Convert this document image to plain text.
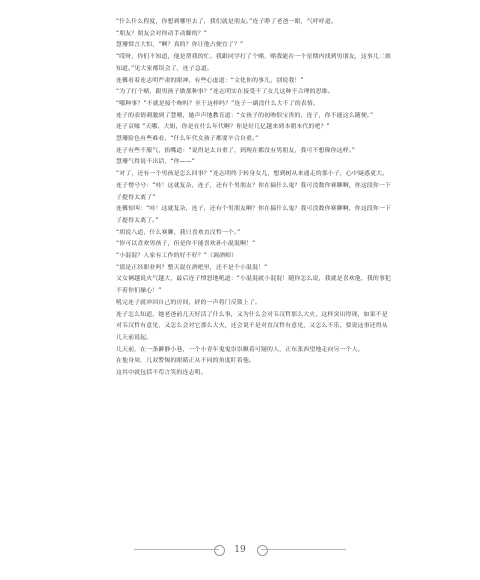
“什么什么程度，你想到哪里去了，我们就是朋友。”连子睁了老爸一眼，气呼呼道。

“朋友？朋友会对你动手动脚的？”

慧珊窝言大怕，“啊？真的？你让他占便宜了？”

“哎呀，你们不知道，他是帮我的忙。我跟同学打了个赌，赌我能在一个星期内找到男朋友，这事儿二姐知道。”见大家都误会了，连子急道。

连馨看着连志明严肃的眼神，有些心虚道：“文化你的事儿，别说我！”

“为了打个赌，跟男孩子做那种事？”连志明实在接受不了女儿这种不合理的思维。

“哪种事？”不就是接个吻吗？至于这样吗？”连子一副没什么大不了的表情。

连子的表情刺激到了慧珊，她声声地教育道：“女孩子的初吻很宝贵的，连子，你不能这么随便。”

连子哀嚎 “天哪，大姐，你是在什么年代啊？你是好几亿越来到本朝本代的吧？”

慧珊脸色有些难看，“什么年代女孩子都要辛合自重。”

连子有些不服气，掐嘴道：“说得是太自重了，到现在都没有男朋友，我可不想像你这样。”

慧珊气得说不出话，“你——”

“对了，还有一个男孩是怎么回事？”连志明终于转身女儿，想到树从来通走的那小子，心中疑惑更大。

连子愣兮兮：“哇！这就复杂，连子，还有个男朋友？你在搞什么鬼？我可没数你赛聊啊，你这段你一下子提得太离了”

连馨惊叫：“哇！这就复杂，连子，还有个男朋友啊？你在搞什么鬼？我可没数你赛聊啊，你这段你一下子提得太离了。”

“胡说八道，什么赛聊，我只喜欢直汉哲一个。”

“你可以喜欢男孩子，但是你不能喜欢孙小混混啊！”

“小混混？人家有工作的好不好？”（调酒师）

“那是正经职业吗？整天混在酒吧里，还不是个小混混！”

父女俩越说火气越大，最后连子愤怒地吼道：“小混混就小混混！随你怎么说，我就是喜欢他，我的事犯不着你们操心！”

吼完连子就冲回自己的房间，砰的一声将门反锁上了。

连子怎么知道，她老爸前几天好活了什么事，又为什么会对韦汉哲那么大火，这样突出得现，如果不是对韦汉哲有意见，又怎么会对它那么大火，还会说不是对直汉哲有意见，又怎么不乐，要说这事还得从几天前说起。

几天前，在一条僻静小巷，一个小青年鬼鬼祟祟瞅着可疑的人，正东张西望地走向另一个人。

在他身周，几双警惕的眼睛正从不同的角度盯着他。

这其中就包括不苟言笑的连志明。

19
